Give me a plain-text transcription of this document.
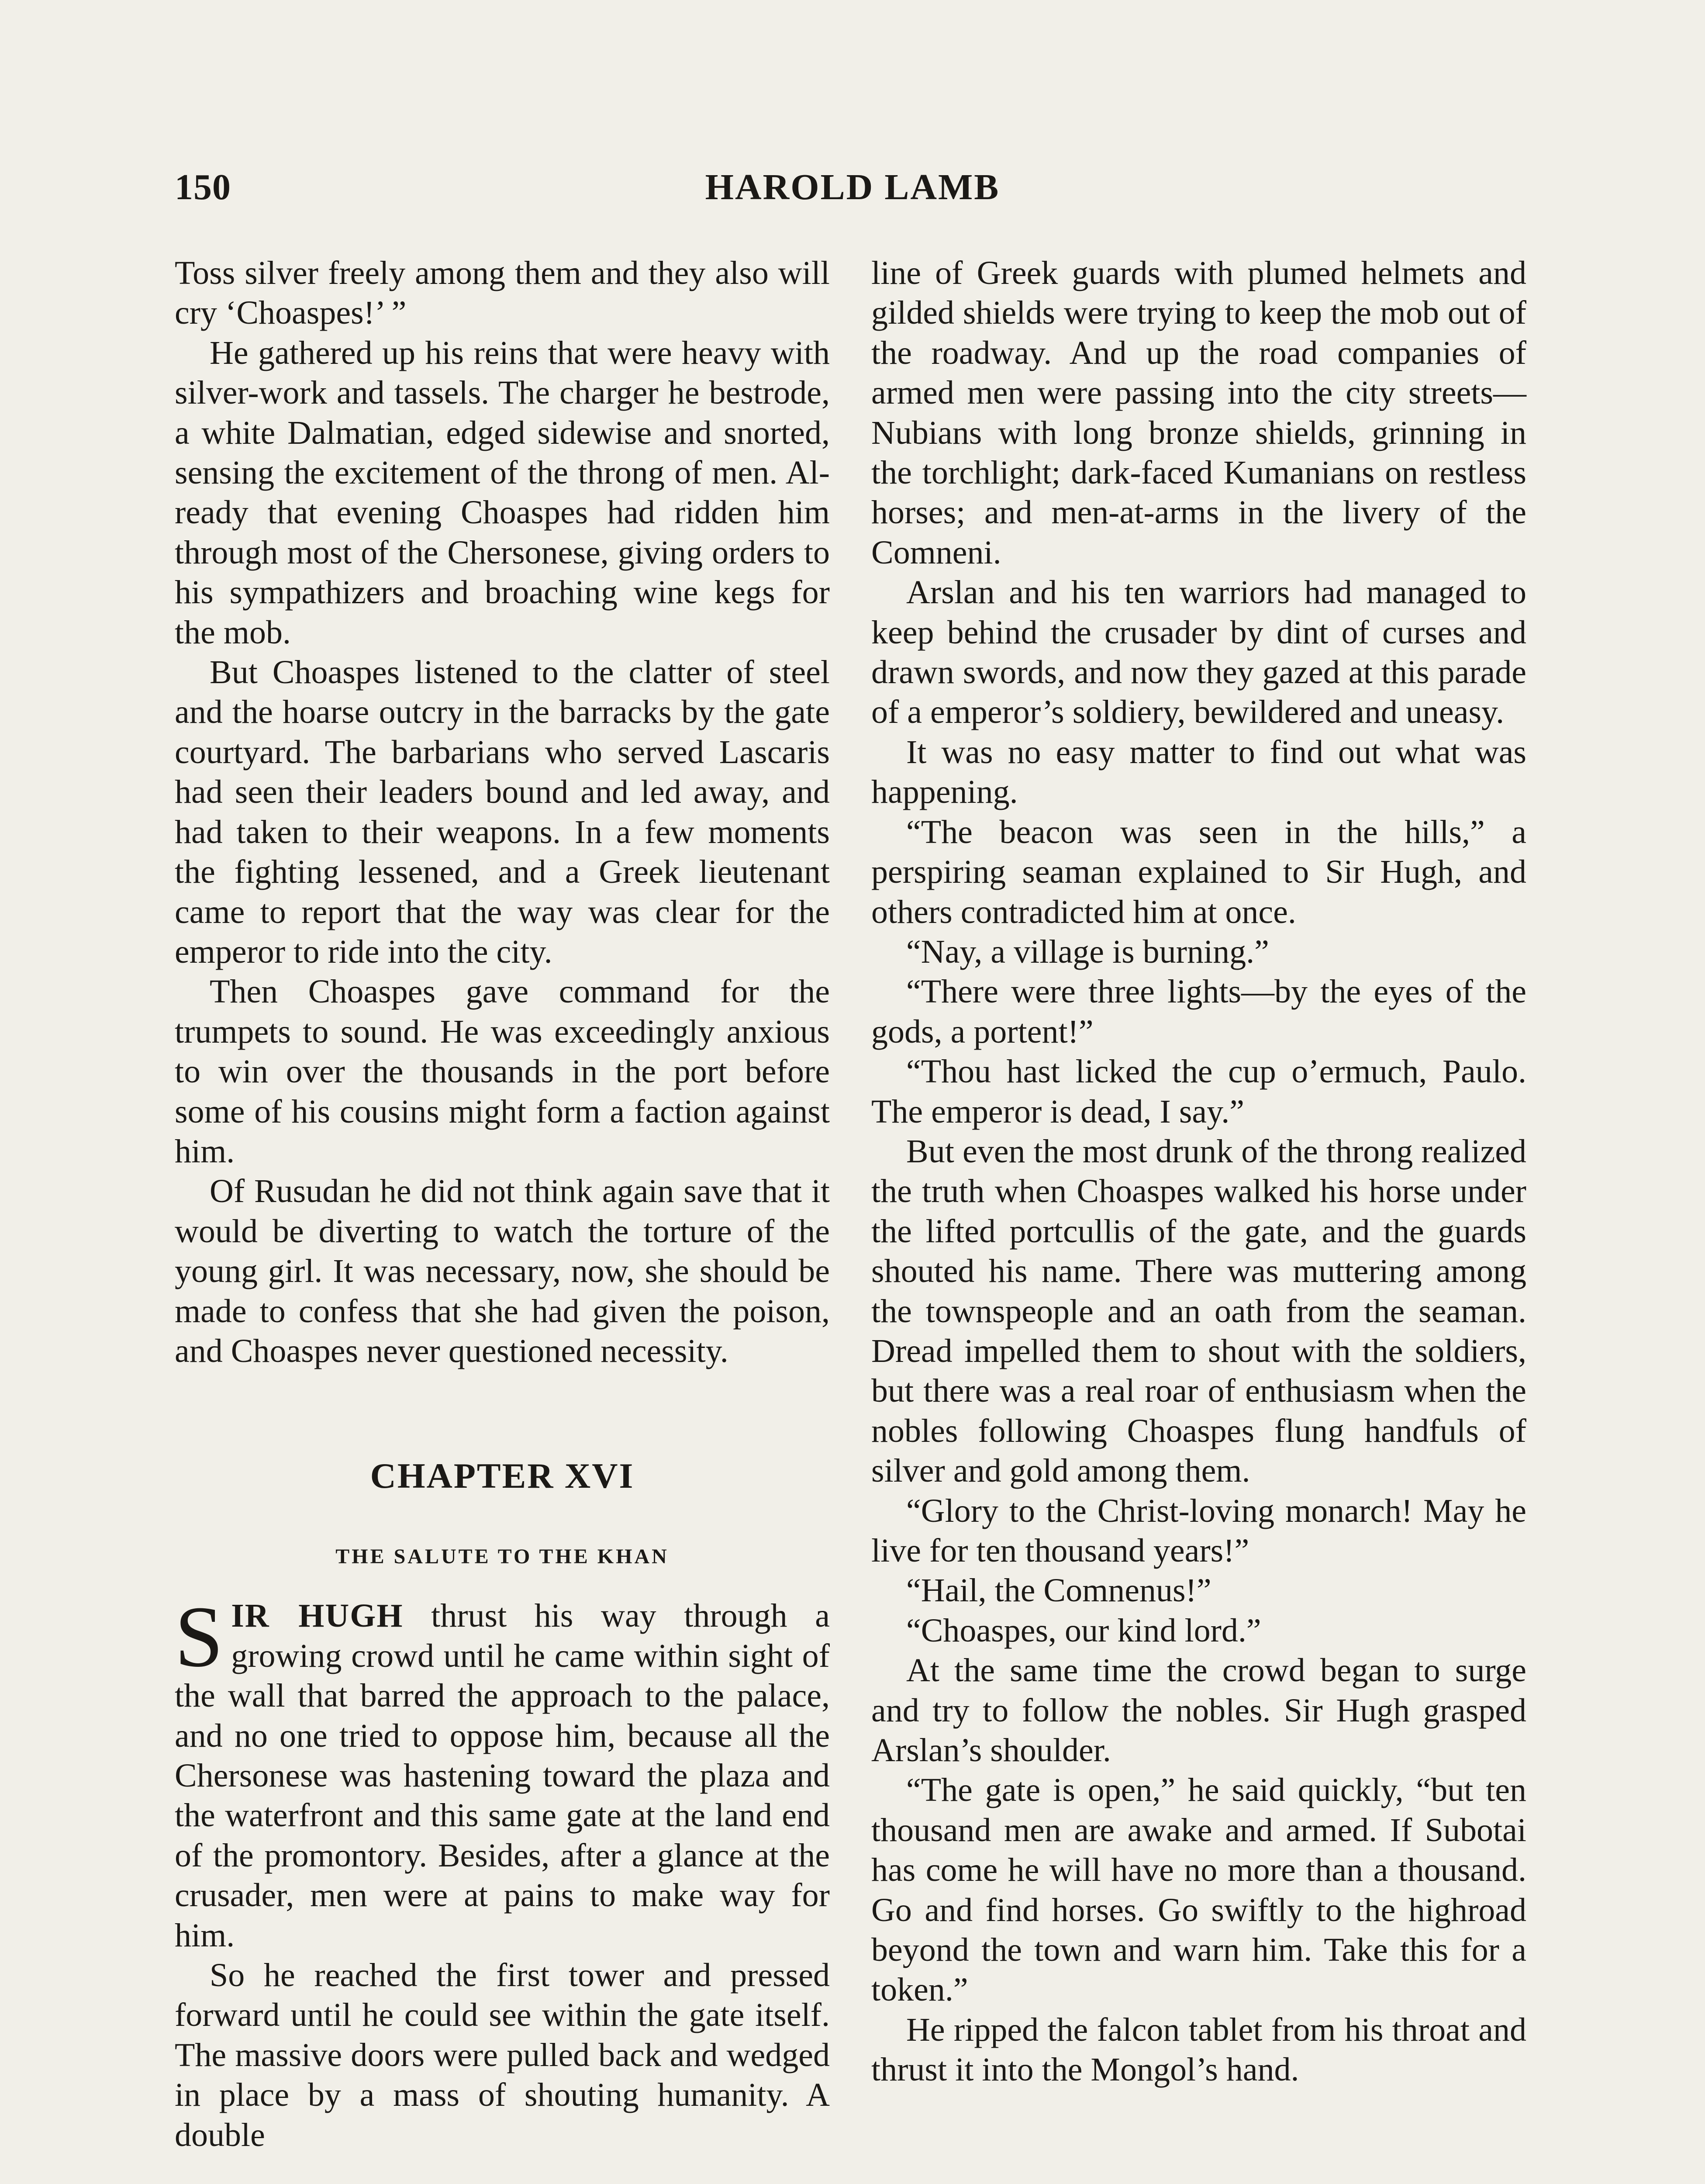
150	HAROLD LAMB

Toss silver freely among them and they also will cry ‘Choaspes!’ ”

He gathered up his reins that were heavy with silver-work and tassels. The charger he bestrode, a white Dalmatian, edged sidewise and snorted, sensing the excitement of the throng of men. Already that evening Choaspes had ridden him through most of the Chersonese, giving orders to his sympathizers and broaching wine kegs for the mob.

But Choaspes listened to the clatter of steel and the hoarse outcry in the barracks by the gate courtyard. The barbarians who served Lascaris had seen their leaders bound and led away, and had taken to their weapons. In a few moments the fighting lessened, and a Greek lieutenant came to report that the way was clear for the emperor to ride into the city.

Then Choaspes gave command for the trumpets to sound. He was exceedingly anxious to win over the thousands in the port before some of his cousins might form a faction against him.

Of Rusudan he did not think again save that it would be diverting to watch the torture of the young girl. It was necessary, now, she should be made to confess that she had given the poison, and Choaspes never questioned necessity.

CHAPTER XVI
THE SALUTE TO THE KHAN

SIR HUGH thrust his way through a growing crowd until he came within sight of the wall that barred the approach to the palace, and no one tried to oppose him, because all the Chersonese was hastening toward the plaza and the waterfront and this same gate at the land end of the promontory. Besides, after a glance at the crusader, men were at pains to make way for him.

So he reached the first tower and pressed forward until he could see within the gate itself. The massive doors were pulled back and wedged in place by a mass of shouting humanity. A double

line of Greek guards with plumed helmets and gilded shields were trying to keep the mob out of the roadway. And up the road companies of armed men were passing into the city streets—Nubians with long bronze shields, grinning in the torchlight; dark-faced Kumanians on restless horses; and men-at-arms in the livery of the Comneni.

Arslan and his ten warriors had managed to keep behind the crusader by dint of curses and drawn swords, and now they gazed at this parade of a emperor’s soldiery, bewildered and uneasy.

It was no easy matter to find out what was happening.

“The beacon was seen in the hills,” a perspiring seaman explained to Sir Hugh, and others contradicted him at once.

“Nay, a village is burning.”

“There were three lights—by the eyes of the gods, a portent!”

“Thou hast licked the cup o’ermuch, Paulo. The emperor is dead, I say.”

But even the most drunk of the throng realized the truth when Choaspes walked his horse under the lifted portcullis of the gate, and the guards shouted his name. There was muttering among the townspeople and an oath from the seaman. Dread impelled them to shout with the soldiers, but there was a real roar of enthusiasm when the nobles following Choaspes flung handfuls of silver and gold among them.

“Glory to the Christ-loving monarch! May he live for ten thousand years!”

“Hail, the Comnenus!”

“Choaspes, our kind lord.”

At the same time the crowd began to surge and try to follow the nobles. Sir Hugh grasped Arslan’s shoulder.

“The gate is open,” he said quickly, “but ten thousand men are awake and armed. If Subotai has come he will have no more than a thousand. Go and find horses. Go swiftly to the highroad beyond the town and warn him. Take this for a token.”

He ripped the falcon tablet from his throat and thrust it into the Mongol’s hand.
